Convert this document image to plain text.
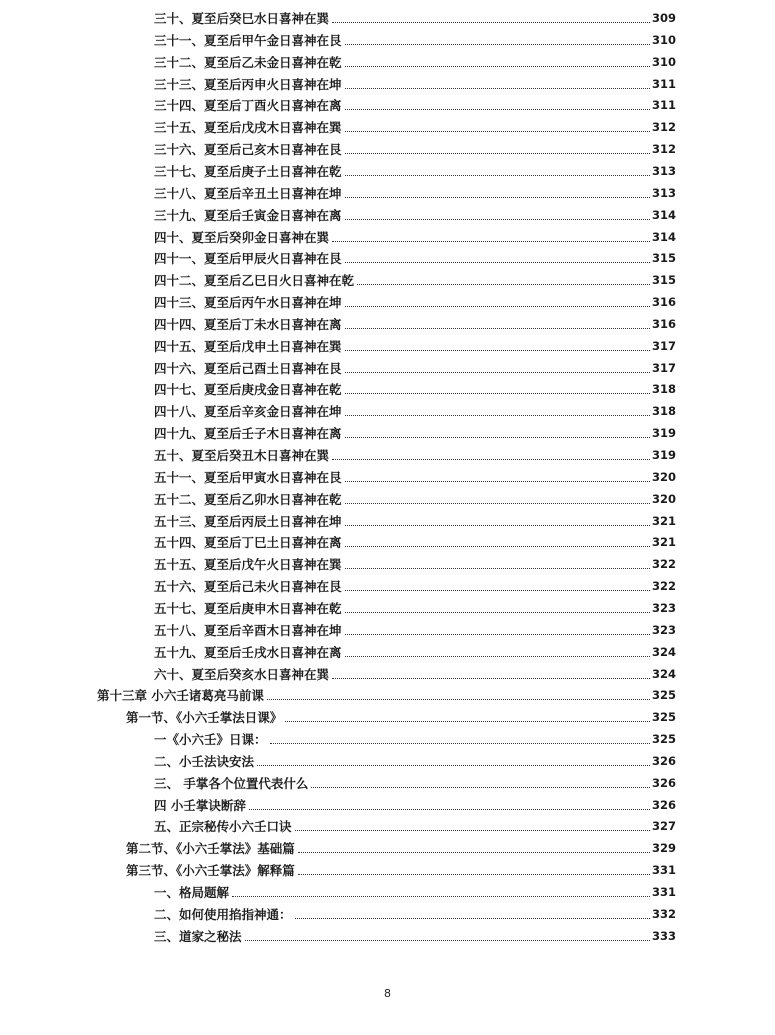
三十、夏至后癸巳水日喜神在巽	309
三十一、夏至后甲午金日喜神在艮	310
三十二、夏至后乙未金日喜神在乾	310
三十三、夏至后丙申火日喜神在坤	311
三十四、夏至后丁酉火日喜神在离	311
三十五、夏至后戊戌木日喜神在巽	312
三十六、夏至后己亥木日喜神在艮	312
三十七、夏至后庚子土日喜神在乾	313
三十八、夏至后辛丑土日喜神在坤	313
三十九、夏至后壬寅金日喜神在离	314
四十、夏至后癸卯金日喜神在巽	314
四十一、夏至后甲辰火日喜神在艮	315
四十二、夏至后乙巳日火日喜神在乾	315
四十三、夏至后丙午水日喜神在坤	316
四十四、夏至后丁未水日喜神在离	316
四十五、夏至后戊申土日喜神在巽	317
四十六、夏至后己酉土日喜神在艮	317
四十七、夏至后庚戌金日喜神在乾	318
四十八、夏至后辛亥金日喜神在坤	318
四十九、夏至后壬子木日喜神在离	319
五十、夏至后癸丑木日喜神在巽	319
五十一、夏至后甲寅水日喜神在艮	320
五十二、夏至后乙卯水日喜神在乾	320
五十三、夏至后丙辰土日喜神在坤	321
五十四、夏至后丁巳土日喜神在离	321
五十五、夏至后戊午火日喜神在巽	322
五十六、夏至后己未火日喜神在艮	322
五十七、夏至后庚申木日喜神在乾	323
五十八、夏至后辛酉木日喜神在坤	323
五十九、夏至后壬戌水日喜神在离	324
六十、夏至后癸亥水日喜神在巽	324
第十三章 小六壬诸葛亮马前课	325
第一节、《小六壬掌法日课》	325
一《小六壬》日课：	325
二、小壬法诀安法	326
三、 手掌各个位置代表什么	326
四 小壬掌诀断辞	326
五、正宗秘传小六壬口诀	327
第二节、《小六壬掌法》基础篇	329
第三节、《小六壬掌法》解释篇	331
一、格局题解	331
二、如何使用掐指神通：	332
三、道家之秘法	333
8
